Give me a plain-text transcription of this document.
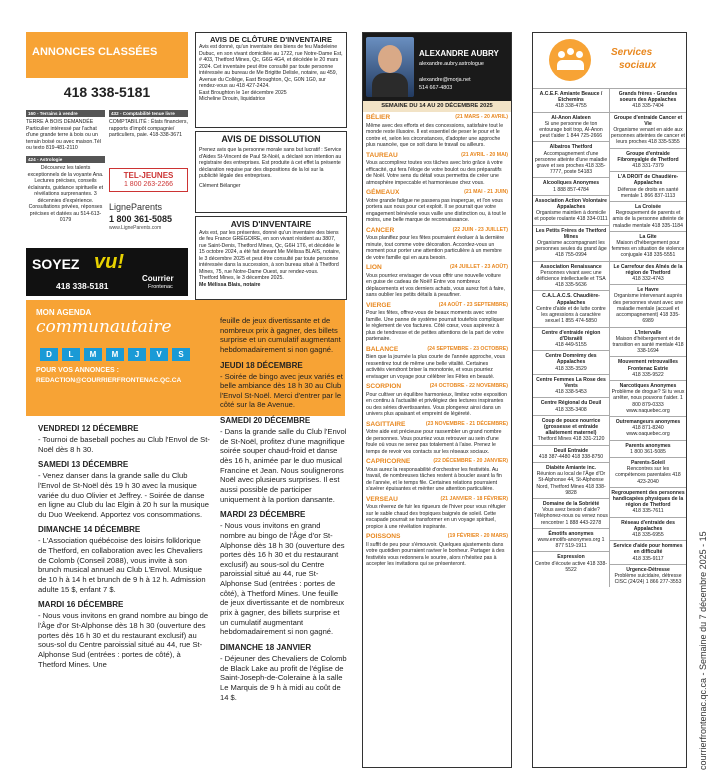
ANNONCES CLASSÉES
418 338-5181
160 - Terrains à vendre
TERRE À BOIS DEMANDÉE Particulier intéressé par l'achat d'une grande terre à bois ou un terrain boisé ou avec maison.Tél ou texto 819-481-2110
432 - Comptabilité tenue livre
COMPTABILITÉ : États financiers, rapports d'impôt compagnie/ particuliers, paie. 418-338-3671
424 - Astrologie
Découvrez les talents exceptionnels de la voyante Ana. Lectures précises, conseils éclairants, guidance spirituelle et révélations surprenantes. 3 décennies d'expérience. Consultations privées, réponses précises et datées au 514-613-0179
TEL-JEUNES
1 800 263-2266
LigneParents
1 800 361-5085
www.LigneParents.com
SOYEZ vu!
418 338-5181
Courrier
Frontenac
MON AGENDA
communautaire
D	L	M	M	J	V	S
POUR VOS ANNONCES :
REDACTION@COURRIERFRONTENAC.QC.CA
VENDREDI 12 DÉCEMBRE

- Tournoi de baseball poches au Club l'Envol de St-Noël dès 8 h 30.

SAMEDI 13 DÉCEMBRE

- Venez danser dans la grande salle du Club l'Envol de St-Noël dès 19 h 30 avec la musique variée du duo Olivier et Jeffrey. - Soirée de danse en ligne au Club du lac Elgin à 20 h sur la musique du Duo Weekend. Apportez vos consommations.

DIMANCHE 14 DÉCEMBRE

- L'Association québécoise des loisirs folklorique de Thetford, en collaboration avec les Chevaliers de Colomb (Conseil 2088), vous invite à son brunch musical annuel au Club L'Envol. Musique de 10 h à 14 h et brunch de 9 h à 12 h. Admission adulte 15 $, enfant 7 $.

MARDI 16 DÉCEMBRE

- Nous vous invitons en grand nombre au bingo de l'Âge d'or St-Alphonse dès 18 h 30 (ouverture des portes dès 16 h 30 et du restaurant exclusif) au sous-sol du Centre paroissial situé au 44, rue St-Alphonse Sud (entrées : portes de côté), à Thetford Mines. Une

feuille de jeux divertissante et de nombreux prix à gagner, des billets surprise et un cumulatif augmentant hebdomadairement si non gagné.

JEUDI 18 DÉCEMBRE

- Soirée de bingo avec jeux variés et belle ambiance dès 18 h 30 au Club l'Envol St-Noël. Merci d'entrer par le côté sur la 8e Avenue.

SAMEDI 20 DÉCEMBRE

- Dans la grande salle du Club l'Envol de St-Noël, profitez d'une magnifique soirée souper chaud-froid et danse dès 16 h, animée par le duo musical Francine et Jean. Nous soulignerons Noël avec plusieurs surprises. Il est aussi possible de participer uniquement à la portion dansante.

MARDI 23 DÉCEMBRE

- Nous vous invitons en grand nombre au bingo de l'Âge d'or St-Alphonse dès 18 h 30 (ouverture des portes dès 16 h 30 et du restaurant exclusif) au sous-sol du Centre paroissial situé au 44, rue St-Alphonse Sud (entrées : portes de côté), à Thetford Mines. Une feuille de jeux divertissante et de nombreux prix à gagner, des billets surprise et un cumulatif augmentant hebdomadairement si non gagné.

DIMANCHE 18 JANVIER

- Déjeuner des Chevaliers de Colomb de Black Lake au profit de l'église de Saint-Joseph-de-Coleraine à la salle Le Marquis de 9 h à midi au coût de 14 $.

AVIS DE CLÔTURE D'INVENTAIRE
Avis est donné, qu'un inventaire des biens de feu Madeleine Dubuc, en son vivant domiciliée au 1722, rue Notre-Dame Est, # 403, Thetford Mines, Qc, G6G 4G4, et décédée le 20 mars 2024. Cet inventaire peut être consulté par toute personne intéressée au bureau de Me Brigitte Delisle, notaire, au 459, Avenue du Collège, East Broughton, Qc, G0N 1G0, sur rendez-vous au 418 427-2424.
East Broughton le 1er décembre 2025
Micheline Drouin, liquidatrice
AVIS DE DISSOLUTION
Prenez avis que la personne morale sans but lucratif : Service d'Aides St-Vincent de Paul St-Noël, a déclaré son intention au registraire des entreprises. Est produite à cet effet la présente déclaration requise par des dispositions de la loi sur la publicité légale des entreprises.
Clément Bélanger
AVIS D'INVENTAIRE
Avis est, par les présentes, donné qu'un inventaire des biens de feu France GRÉGOIRE, en son vivant résident au 3807, rue Saint-Denis, Thetford Mines, Qc, G6H 1T6, et décédée le 15 octobre 2024, a été fait devant Me Mélissa BLAIS, notaire, le 3 décembre 2025 et peut être consulté par toute personne intéressée dans la succession, à son bureau situé à Thetford Mines, 75, rue Notre-Dame Ouest, sur rendez-vous.
Thetford Mines, le 3 décembre 2025.
Me Mélissa Blais, notaire
ALEXANDRE AUBRY
alexandre.aubry.astrologue
alexandre@morja.net
514 667-4803
SEMAINE DU 14 AU 20 DÉCEMBRE 2025
BÉLIER	(21 MARS - 20 AVRIL)
Même avec des efforts et des concessions, satisfaire tout le monde reste illusoire. Il est essentiel de peser le pour et le contre et, selon les circonstances, d'adopter une approche plus nuancée, que ce soit dans le travail ou ailleurs.
TAUREAU	(21 AVRIL - 20 MAI)
Vous accomplirez toutes vos tâches avec brio grâce à votre efficacité, qui fera l'éloge de votre boulot ou des préparatifs de Noël. Votre sens du détail vous permettra de créer une atmosphère impeccable et harmonieuse chez vous.
GÉMEAUX	(21 MAI - 21 JUIN)
Votre grande fatigue ne passera pas inaperçue, et l'on vous portera aux nous pour cet exploit. Il se pourrait que votre engagement bénévole vous vaille une distinction ou, à tout le moins, une belle marque de reconnaissance.
CANCER	(22 JUIN - 23 JUILLET)
Vous planifiez pour les fêtes pourraient évoluer à la dernière minute, tout comme votre décoration. Accordez-vous un moment pour porter une attention particulière à un membre de votre famille qui en aura besoin.
LION	(24 JUILLET - 23 AOÛT)
Vous pourriez envisager de vous offrir une nouvelle voiture en guise de cadeau de Noël! Entre vos nombreux déplacements et vos derniers achats, vous aurez fort à faire, sans oublier les petits détails à peaufiner.
VIERGE	(24 AOÛT - 23 SEPTEMBRE)
Pour les fêtes, offrez-vous de beaux moments avec votre famille. Une panne de système pourrait toutefois compliquer le règlement de vos factures. Côté cœur, vous aspirerez à plus de tendresse et de petites attentions de la part de votre partenaire.
BALANCE	(24 SEPTEMBRE - 23 OCTOBRE)
Bien que la journée la plus courte de l'année approche, vous ressentirez tout de même une belle vitalité. Certaines activités viendront briser la monotonie, et vous pourriez envisager un voyage pour célébrer les Fêtes en beauté.
SCORPION	(24 OCTOBRE - 22 NOVEMBRE)
Pour cultiver un équilibre harmonieux, limitez votre exposition en continu à l'actualité et privilégiez des lectures inspirantes ou des séries divertissantes. Vous plongerez ainsi dans un univers plus apaisant et empreint de légèreté.
SAGITTAIRE	(23 NOVEMBRE - 21 DÉCEMBRE)
Votre aide est précieuse pour rassembler un grand nombre de personnes. Vous pourriez vous retrouver au sein d'une foule où vous ne serez pas totalement à l'aise. Prenez le temps de revoir vos contacts sur les réseaux sociaux.
CAPRICORNE	(22 DÉCEMBRE - 20 JANVIER)
Vous aurez la responsabilité d'orchestrer les festivités. Au travail, de nombreuses tâches restent à boucler avant la fin de l'année, et le temps file. Certaines relations pourraient s'avérer épuisantes et mériter une attention particulière.
VERSEAU	(21 JANVIER - 18 FÉVRIER)
Vous rêverez de fuir les rigueurs de l'hiver pour vous réfugier sur le sable chaud des tropiques baignés de soleil. Cette escapade pourrait se transformer en un voyage spirituel, propice à une révélation inspirante.
POISSONS	(19 FÉVRIER - 20 MARS)
Il suffit de peu pour s'émouvoir. Quelques ajustements dans votre quotidien pourraient raviver le bonheur. Partager à des festivités vous redonnera le sourire, alors n'hésitez pas à accepter les invitations qui se présenteront.
Services
sociaux
A.C.E.F. Amiante Beauce / Etchemins
418 338-4755
Al-Anon Alateen
Si une personne de ton entourage boit trop, Al-Anon peut t'aider 1 844 725-2666
Albatros Thetford
Accompagnement d'une personne atteinte d'une maladie grave et ses proches 418 335-7777, poste 54183
Alcooliques Anonymes
1 888 857-4784
Association Action Volontaire Appalaches
Organisme maintien à domicile et popote roulante 418 334-0111
Les Petits Frères de Thetford Mines
Organisme accompagnant les personnes seules du grand âge 418 755-0994
Association Renaissance
Personnes vivant avec une déficience intellectuelle et TSA 418 335-5636
C.A.L.A.C.S. Chaudière-Appalaches
Centre d'aide et de lutte contre les agressions à caractère sexuel 1 855 474-5850
Centre d'entraide région d'Disraëli
418 449-5155
Centre Domrémy des Appalaches
418 335-3529
Centre Femmes La Rose des Vents
418 338-5453
Centre Régional du Deuil
418 335-3408
Coup de pouce nourrice (grossesse et entraide allaitement maternel)
Thetford Mines 418 331-2120
Deuil Entraide
418 387-4480 418 338-8750
Diabète Amiante inc.
Réunion au local de l'Âge d'Or St-Alphonse 44, St-Alphonse Nord, Thetford Mines 418 338-9828
Domaine de la Sobriété
Vous avez besoin d'aide? Téléphonez-nous ou venez nous rencontrer 1 888 443-2278
Émotifs anonymes
www.emotifs-anonymes.org 1 877 519-1911
Expression
Centre d'écoute active 418 338-5522
Grands frères - Grandes soeurs des Appalaches
418 335-7404
Groupe d'entraide Cancer et Vie
Organisme venant en aide aux personnes atteintes de cancer et leurs proches 418 335-5355
Groupe d'entraide Fibromyalgie de Thetford
418 331-7379
L'A DROIT de Chaudière-Appalaches
Défense de droits en santé mentale 1 866 837-1113
La Croisée
Regroupement de parents et amis de la personne atteinte de maladie mentale 418 335-1184
La Gîte
Maison d'hébergement pour femmes en situation de violence conjugale 418 335-5551
Le Carrefour des Aînés de la région de Thetford
418 332-4743
Le Havre
Organisme intervenant auprès des personnes vivant avec une maladie mentale (accueil et accompagnement) 418 335-6989
L'Intervalle
Maison d'hébergement et de transition en santé mentale 418 338-1694
Mouvement retrouvailles Frontenac Estrie
418 335-9522
Narcotiques Anonymes
Problème de drogue? Si tu veux arrêter, nous pouvons t'aider. 1 800 879-0333 www.naquebec.org
Outremangeurs anonymes
418 871-8240 www.oaquebec.org
Parents anonymes
1 800 361-5085
Parents-Soleil
Rencontres sur les compétences parentales 418 423-2040
Regroupement des personnes handicapées physiques de la région de Thetford
418 335-7611
Réseau d'entraide des Appalaches
418 335-6955
Service d'aide pour hommes en difficulté
418 335-9117
Urgence-Détresse
Problème suicidaire, détresse CISC (24/24) 1 866 277-3553	courrierfrontenac.qc.ca - Semaine du 7 décembre 2025 - 15
